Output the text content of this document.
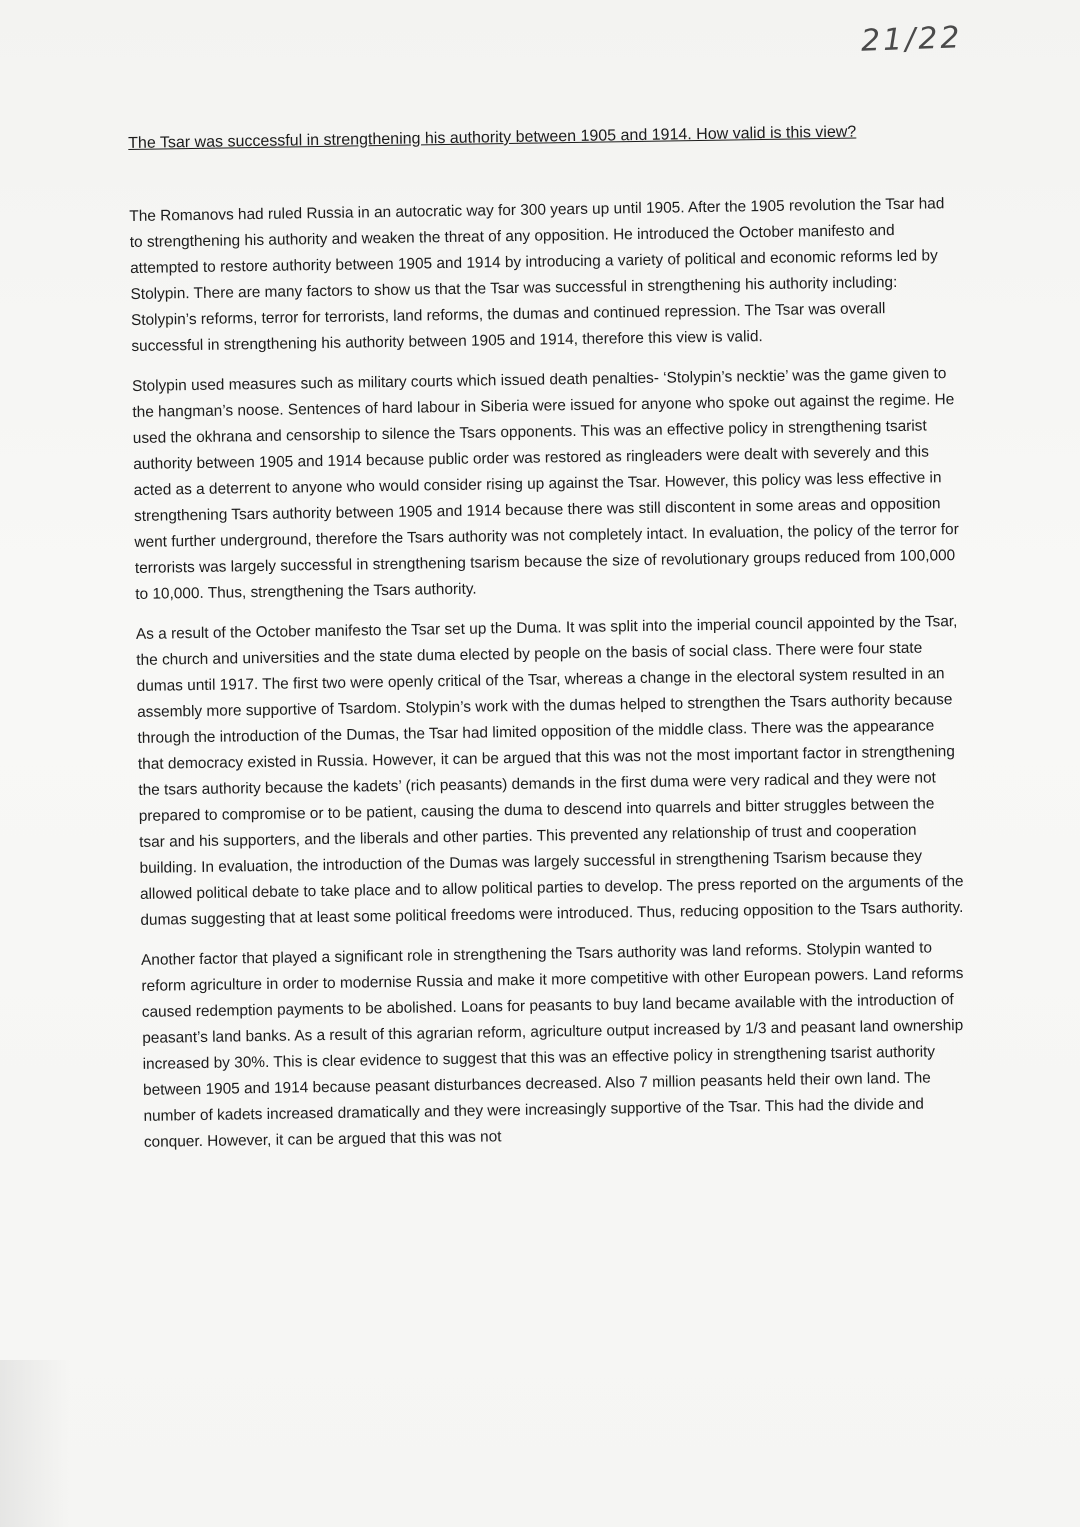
21/22

The Tsar was successful in strengthening his authority between 1905 and 1914. How valid is this view?

The Romanovs had ruled Russia in an autocratic way for 300 years up until 1905. After the 1905 revolution the Tsar had to strengthening his authority and weaken the threat of any opposition. He introduced the October manifesto and attempted to restore authority between 1905 and 1914 by introducing a variety of political and economic reforms led by Stolypin. There are many factors to show us that the Tsar was successful in strengthening his authority including: Stolypin’s reforms, terror for terrorists, land reforms, the dumas and continued repression. The Tsar was overall successful in strengthening his authority between 1905 and 1914, therefore this view is valid.

Stolypin used measures such as military courts which issued death penalties- ‘Stolypin’s necktie’ was the game given to the hangman’s noose. Sentences of hard labour in Siberia were issued for anyone who spoke out against the regime. He used the okhrana and censorship to silence the Tsars opponents. This was an effective policy in strengthening tsarist authority between 1905 and 1914 because public order was restored as ringleaders were dealt with severely and this acted as a deterrent to anyone who would consider rising up against the Tsar. However, this policy was less effective in strengthening Tsars authority between 1905 and 1914 because there was still discontent in some areas and opposition went further underground, therefore the Tsars authority was not completely intact. In evaluation, the policy of the terror for terrorists was largely successful in strengthening tsarism because the size of revolutionary groups reduced from 100,000 to 10,000. Thus, strengthening the Tsars authority.

As a result of the October manifesto the Tsar set up the Duma. It was split into the imperial council appointed by the Tsar, the church and universities and the state duma elected by people on the basis of social class. There were four state dumas until 1917. The first two were openly critical of the Tsar, whereas a change in the electoral system resulted in an assembly more supportive of Tsardom. Stolypin’s work with the dumas helped to strengthen the Tsars authority because through the introduction of the Dumas, the Tsar had limited opposition of the middle class. There was the appearance that democracy existed in Russia. However, it can be argued that this was not the most important factor in strengthening the tsars authority because the kadets’ (rich peasants) demands in the first duma were very radical and they were not prepared to compromise or to be patient, causing the duma to descend into quarrels and bitter struggles between the tsar and his supporters, and the liberals and other parties. This prevented any relationship of trust and cooperation building. In evaluation, the introduction of the Dumas was largely successful in strengthening Tsarism because they allowed political debate to take place and to allow political parties to develop. The press reported on the arguments of the dumas suggesting that at least some political freedoms were introduced. Thus, reducing opposition to the Tsars authority.

Another factor that played a significant role in strengthening the Tsars authority was land reforms. Stolypin wanted to reform agriculture in order to modernise Russia and make it more competitive with other European powers. Land reforms caused redemption payments to be abolished. Loans for peasants to buy land became available with the introduction of peasant’s land banks. As a result of this agrarian reform, agriculture output increased by 1/3 and peasant land ownership increased by 30%. This is clear evidence to suggest that this was an effective policy in strengthening tsarist authority between 1905 and 1914 because peasant disturbances decreased. Also 7 million peasants held their own land. The number of kadets increased dramatically and they were increasingly supportive of the Tsar. This had the divide and conquer. However, it can be argued that this was not
